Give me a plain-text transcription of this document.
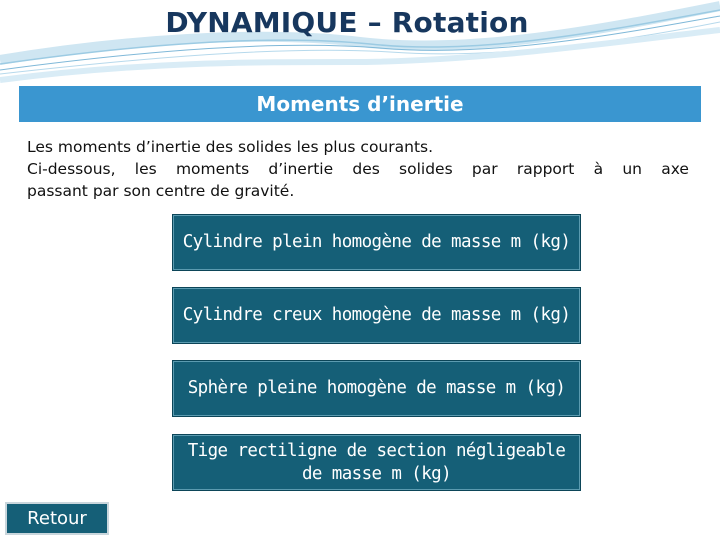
DYNAMIQUE – Rotation
Moments d’inertie
Les moments d’inertie des solides les plus courants.
Ci-dessous, les moments d’inertie des solides par rapport à un axe
passant par son centre de gravité.
Cylindre plein homogène de masse m (kg)
Cylindre creux homogène de masse m (kg)
Sphère pleine homogène de masse m (kg)
Tige rectiligne de section négligeable de masse m (kg)
Retour
